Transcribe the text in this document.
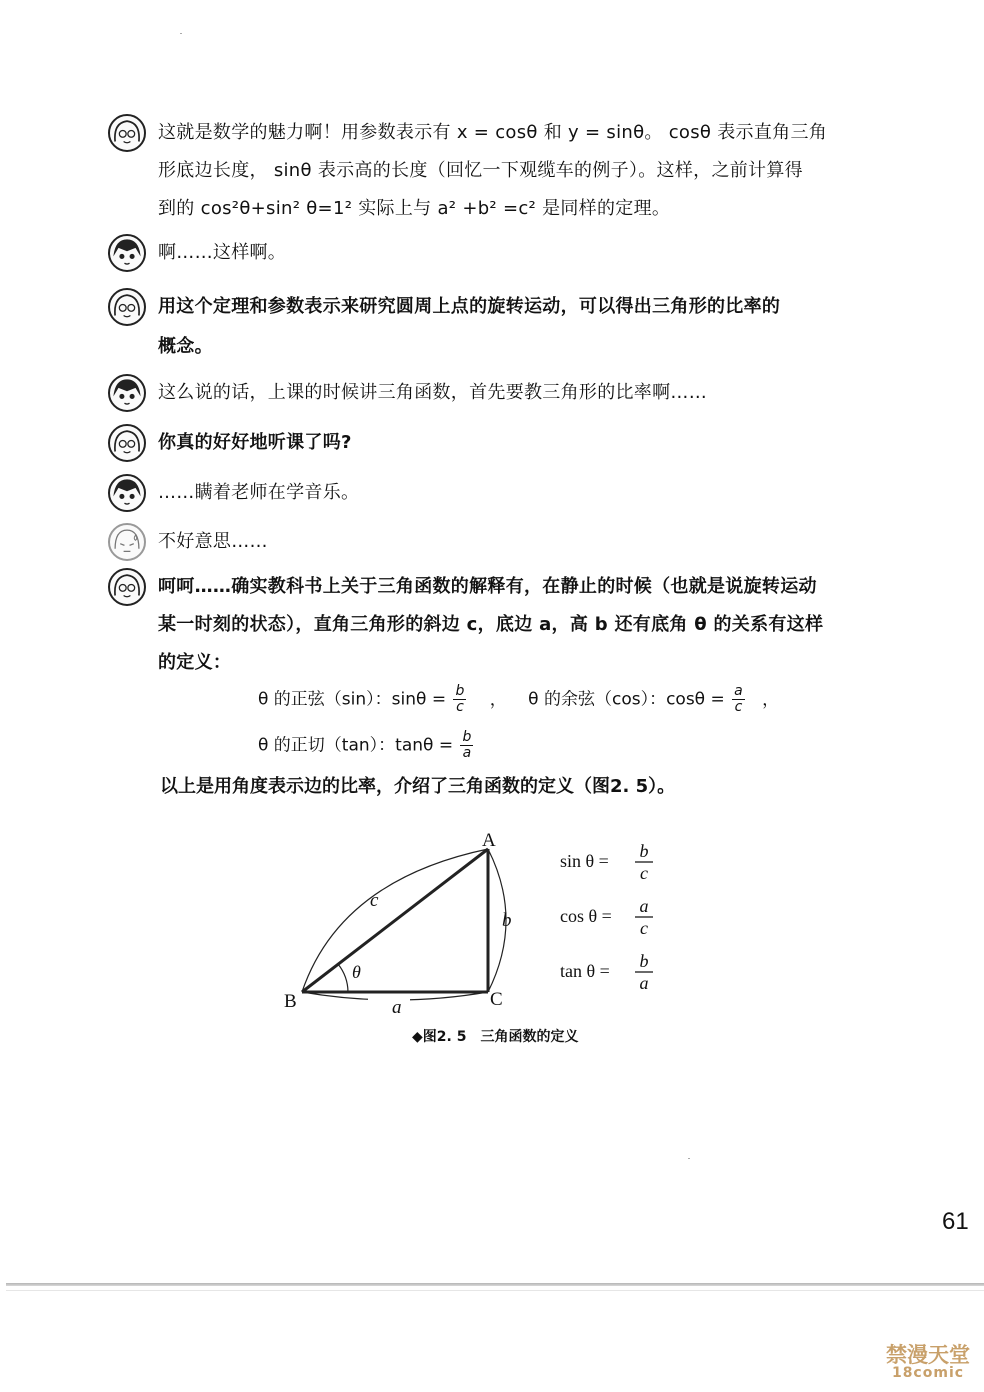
这就是数学的魅力啊！用参数表示有 x = cosθ 和 y = sinθ。 cosθ 表示直角三角
形底边长度， sinθ 表示高的长度（回忆一下观缆车的例子）。这样，之前计算得
到的 cos²θ+sin² θ=1² 实际上与 a² +b² =c² 是同样的定理。
啊……这样啊。
用这个定理和参数表示来研究圆周上点的旋转运动，可以得出三角形的比率的
概念。
这么说的话，上课的时候讲三角函数，首先要教三角形的比率啊……
你真的好好地听课了吗?
……瞒着老师在学音乐。
不好意思……
呵呵……确实教科书上关于三角函数的解释有，在静止的时候（也就是说旋转运动
某一时刻的状态），直角三角形的斜边 c，底边 a，高 b 还有底角 θ 的关系有这样
的定义：
θ 的正弦（sin）：$\sin\theta = \frac{b}{c}$ ， θ 的余弦（cos）：$\cos\theta = \frac{a}{c}$ ，
θ 的正切（tan）：$\tan\theta = \frac{b}{a}$
以上是用角度表示边的比率，介绍了三角函数的定义（图2. 5）。
A
B	C
c
b
a
θ
sin θ = b
c
cos θ = a
c
tan θ = b
a
◆图2. 5　三角函数的定义
61
禁漫天堂
18comic
